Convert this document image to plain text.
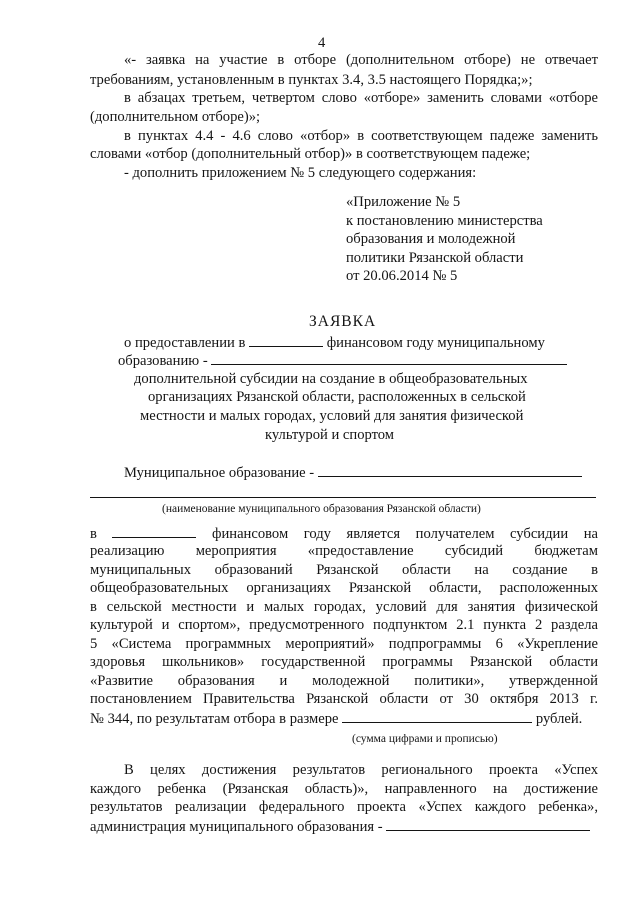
4
«- заявка на участие в отборе (дополнительном отборе) не отвечает
требованиям, установленным в пунктах 3.4, 3.5 настоящего Порядка;»;
в абзацах третьем, четвертом слово «отборе» заменить словами «отборе
(дополнительном отборе)»;
в пунктах 4.4 - 4.6 слово «отбор» в соответствующем падеже заменить
словами «отбор (дополнительный отбор)» в соответствующем падеже;
- дополнить приложением № 5 следующего содержания:
«Приложение № 5
к постановлению министерства
образования и молодежной
политики Рязанской области
от 20.06.2014 № 5
ЗАЯВКА
о предоставлении в	финансовом году муниципальному
образованию -
дополнительной субсидии на создание в общеобразовательных
организациях Рязанской области, расположенных в сельской
местности и малых городах, условий для занятия физической
культурой и спортом
Муниципальное образование -
(наименование муниципального образования Рязанской области)
в	финансовом году является получателем субсидии на
реализацию мероприятия «предоставление субсидий бюджетам
муниципальных образований Рязанской области на создание в
общеобразовательных организациях Рязанской области, расположенных
в сельской местности и малых городах, условий для занятия физической
культурой и спортом», предусмотренного подпунктом 2.1 пункта 2 раздела
5 «Система программных мероприятий» подпрограммы 6 «Укрепление
здоровья школьников» государственной программы Рязанской области
«Развитие образования и молодежной политики», утвержденной
постановлением Правительства Рязанской области от 30 октября 2013 г.
№ 344, по результатам отбора в размере	рублей.
(сумма цифрами и прописью)
В целях достижения результатов регионального проекта «Успех
каждого ребенка (Рязанская область)», направленного на достижение
результатов реализации федерального проекта «Успех каждого ребенка»,
администрация муниципального образования -
